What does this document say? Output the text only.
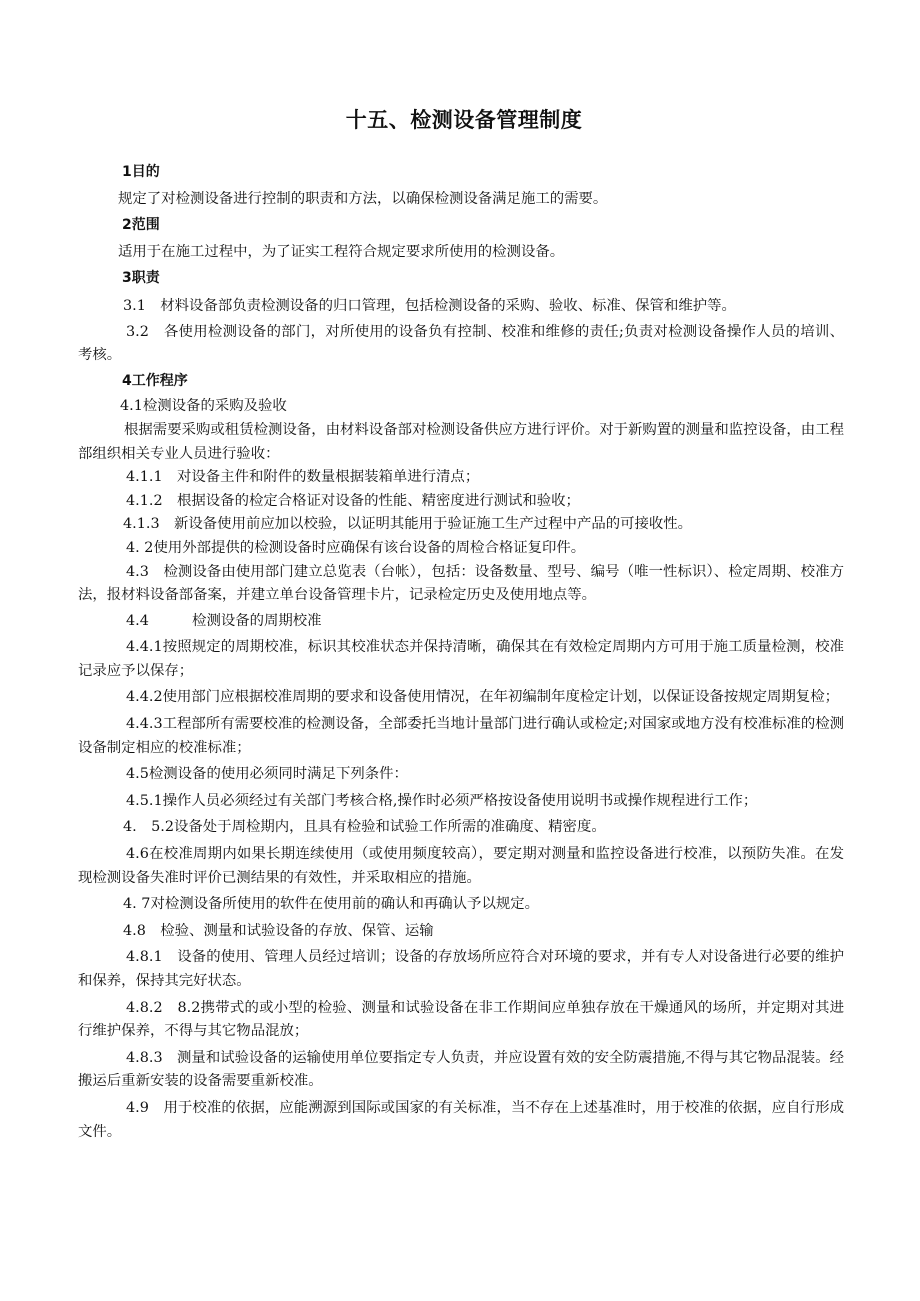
十五、检测设备管理制度

1目的

规定了对检测设备进行控制的职责和方法，以确保检测设备满足施工的需要。

2范围

适用于在施工过程中，为了证实工程符合规定要求所使用的检测设备。

3职责

3.1　材料设备部负责检测设备的归口管理，包括检测设备的采购、验收、标准、保管和维护等。

3.2　各使用检测设备的部门，对所使用的设备负有控制、校准和维修的责任;负责对检测设备操作人员的培训、考核。

4工作程序

4.1检测设备的采购及验收

根据需要采购或租赁检测设备，由材料设备部对检测设备供应方进行评价。对于新购置的测量和监控设备，由工程部组织相关专业人员进行验收：

4.1.1　对设备主件和附件的数量根据装箱单进行清点；

4.1.2　根据设备的检定合格证对设备的性能、精密度进行测试和验收；

4.1.3　新设备使用前应加以校验，以证明其能用于验证施工生产过程中产品的可接收性。

4. 2使用外部提供的检测设备时应确保有该台设备的周检合格证复印件。

4.3　检测设备由使用部门建立总览表（台帐），包括：设备数量、型号、编号（唯一性标识）、检定周期、校准方法，报材料设备部备案，并建立单台设备管理卡片，记录检定历史及使用地点等。

4.4　　　检测设备的周期校准

4.4.1按照规定的周期校准，标识其校准状态并保持清晰，确保其在有效检定周期内方可用于施工质量检测，校准记录应予以保存；

4.4.2使用部门应根据校准周期的要求和设备使用情况，在年初编制年度检定计划，以保证设备按规定周期复检；

4.4.3工程部所有需要校准的检测设备，全部委托当地计量部门进行确认或检定;对国家或地方没有校准标准的检测设备制定相应的校准标准；

4.5检测设备的使用必须同时满足下列条件：

4.5.1操作人员必须经过有关部门考核合格,操作时必须严格按设备使用说明书或操作规程进行工作；

4.　5.2设备处于周检期内，且具有检验和试验工作所需的准确度、精密度。

4.6在校准周期内如果长期连续使用（或使用频度较高），要定期对测量和监控设备进行校准，以预防失准。在发现检测设备失准时评价已测结果的有效性，并采取相应的措施。

4. 7对检测设备所使用的软件在使用前的确认和再确认予以规定。

4.8　检验、测量和试验设备的存放、保管、运输

4.8.1　设备的使用、管理人员经过培训；设备的存放场所应符合对环境的要求，并有专人对设备进行必要的维护和保养，保持其完好状态。

4.8.2　8.2携带式的或小型的检验、测量和试验设备在非工作期间应单独存放在干燥通风的场所，并定期对其进行维护保养，不得与其它物品混放；

4.8.3　测量和试验设备的运输使用单位要指定专人负责，并应设置有效的安全防震措施,不得与其它物品混装。经搬运后重新安装的设备需要重新校准。

4.9　用于校准的依据，应能溯源到国际或国家的有关标准，当不存在上述基准时，用于校准的依据，应自行形成文件。
